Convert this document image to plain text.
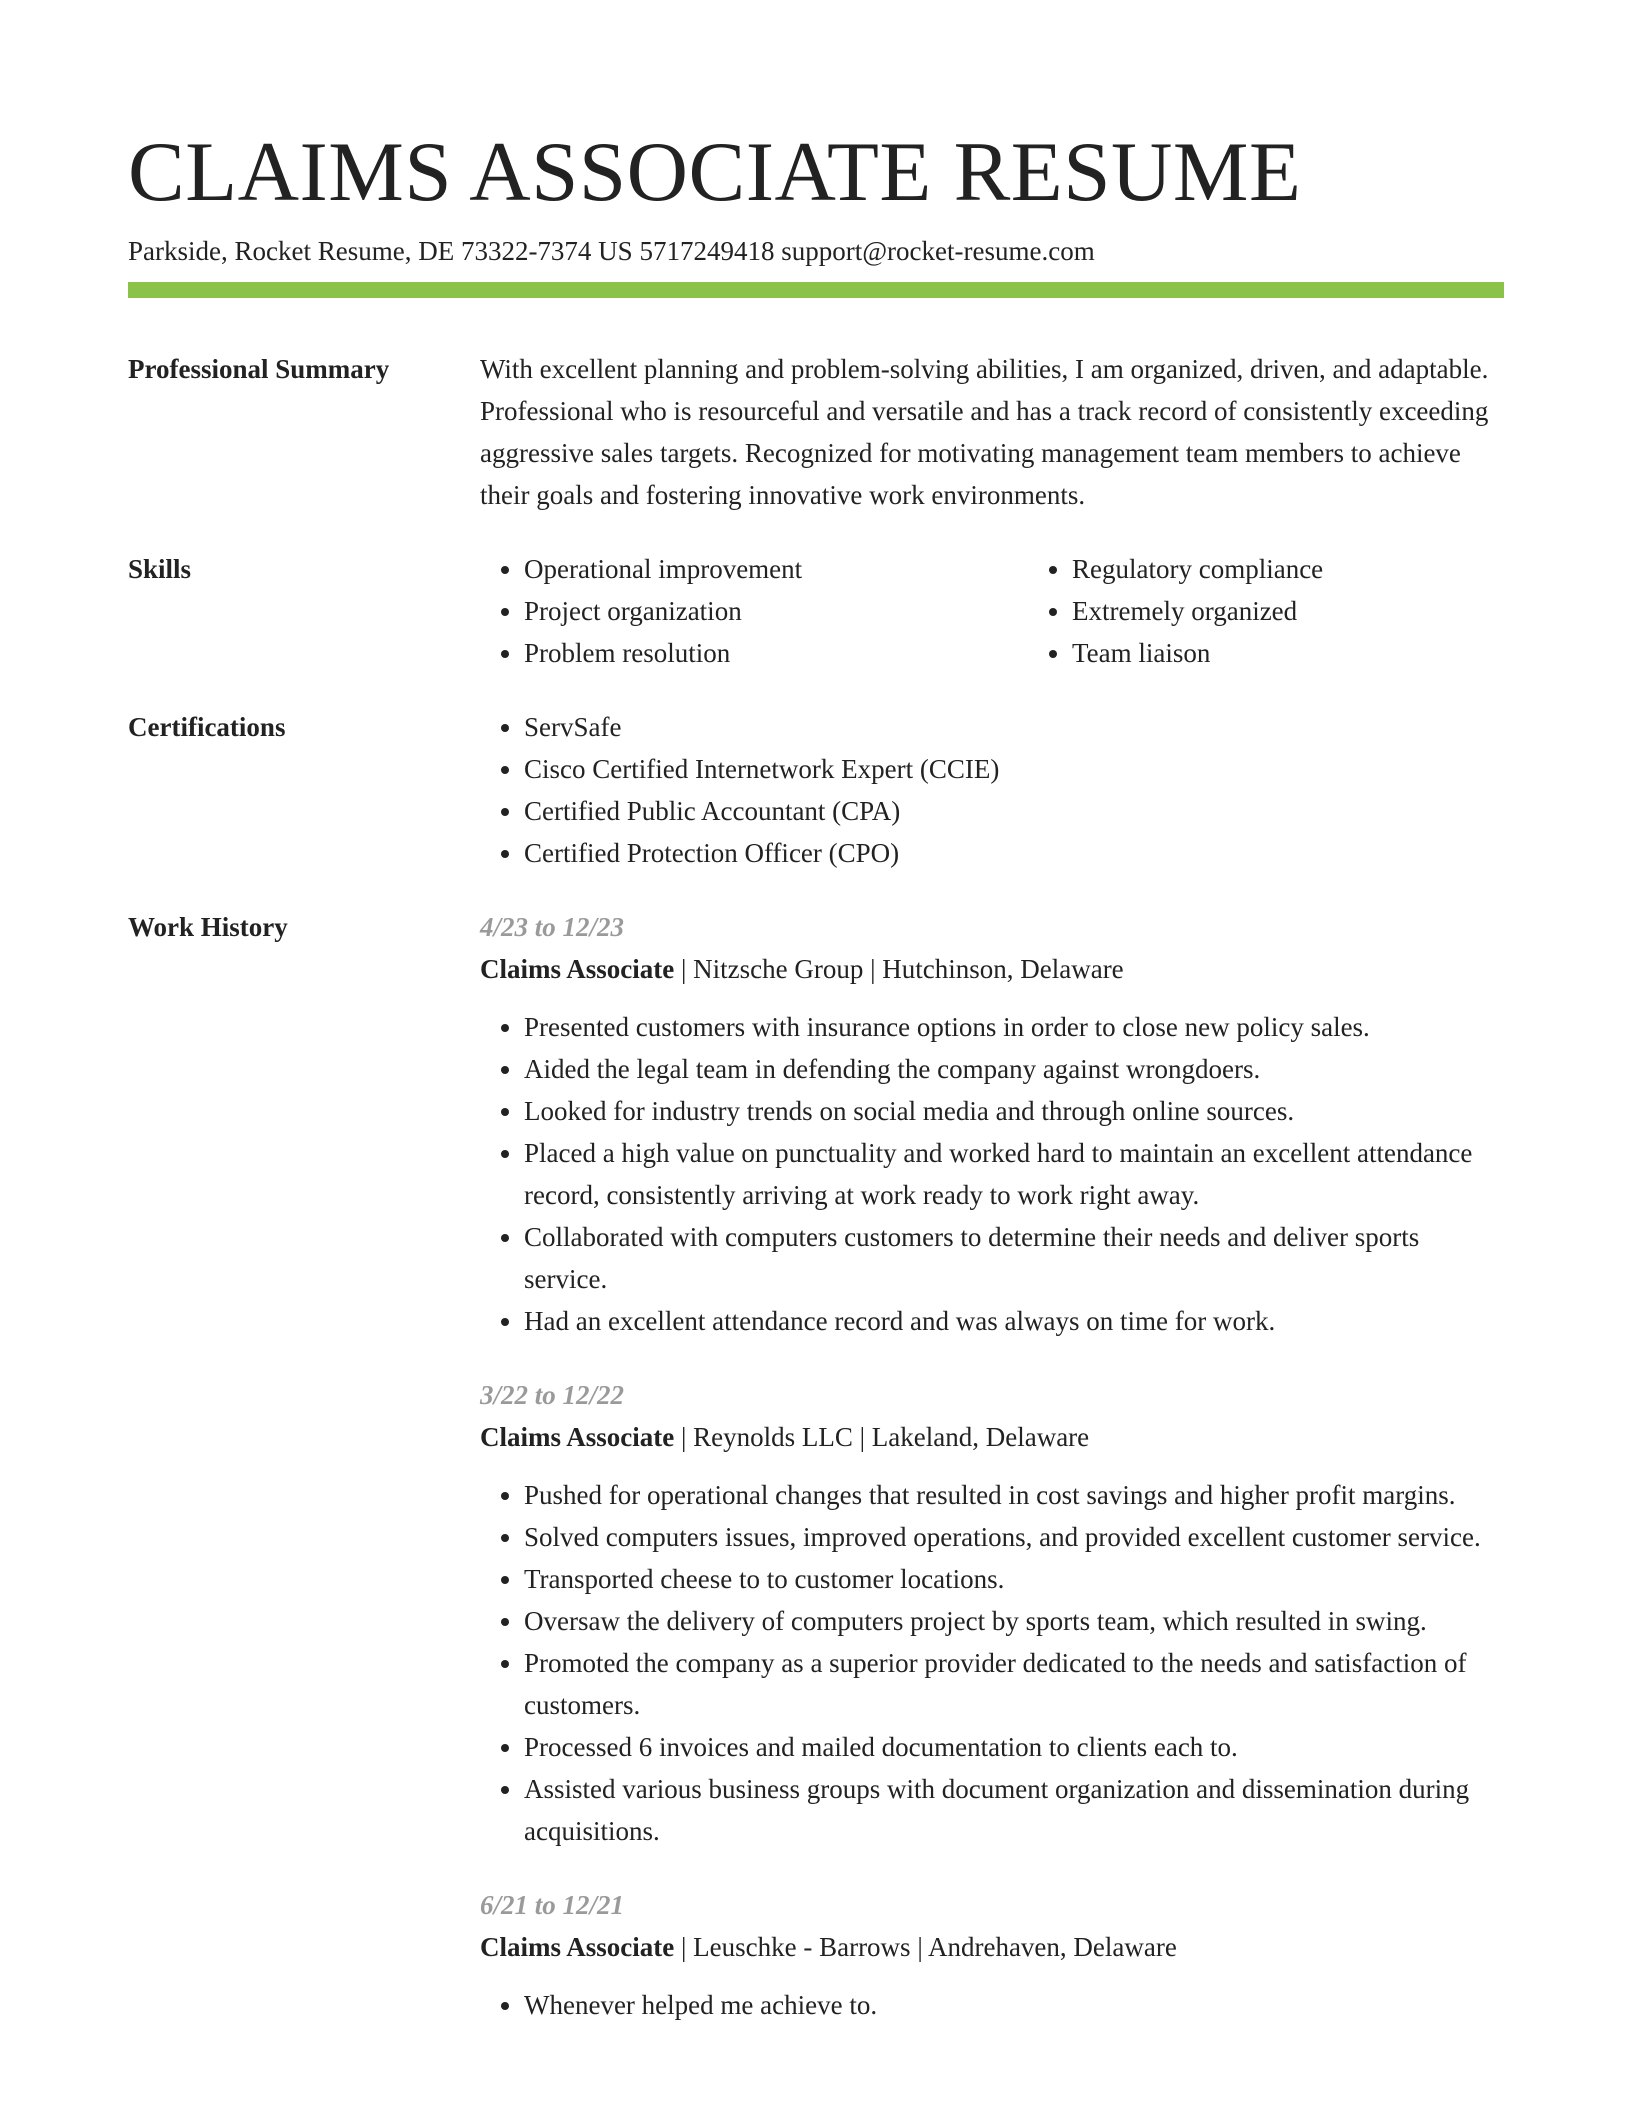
CLAIMS ASSOCIATE RESUME
Parkside, Rocket Resume, DE 73322-7374 US 5717249418 support@rocket-resume.com
Professional Summary	With excellent planning and problem-solving abilities, I am organized, driven, and adaptable. Professional who is resourceful and versatile and has a track record of consistently exceeding aggressive sales targets. Recognized for motivating management team members to achieve their goals and fostering innovative work environments.
Skills	• Operational improvement
• Project organization
• Problem resolution
• Regulatory compliance
• Extremely organized
• Team liaison
Certifications	• ServSafe
• Cisco Certified Internetwork Expert (CCIE)
• Certified Public Accountant (CPA)
• Certified Protection Officer (CPO)
Work History	4/23 to 12/23
Claims Associate | Nitzsche Group | Hutchinson, Delaware
• Presented customers with insurance options in order to close new policy sales.
• Aided the legal team in defending the company against wrongdoers.
• Looked for industry trends on social media and through online sources.
• Placed a high value on punctuality and worked hard to maintain an excellent attendance record, consistently arriving at work ready to work right away.
• Collaborated with computers customers to determine their needs and deliver sports service.
• Had an excellent attendance record and was always on time for work.
3/22 to 12/22
Claims Associate | Reynolds LLC | Lakeland, Delaware
• Pushed for operational changes that resulted in cost savings and higher profit margins.
• Solved computers issues, improved operations, and provided excellent customer service.
• Transported cheese to to customer locations.
• Oversaw the delivery of computers project by sports team, which resulted in swing.
• Promoted the company as a superior provider dedicated to the needs and satisfaction of customers.
• Processed 6 invoices and mailed documentation to clients each to.
• Assisted various business groups with document organization and dissemination during acquisitions.
6/21 to 12/21
Claims Associate | Leuschke - Barrows | Andrehaven, Delaware
• Whenever helped me achieve to.
